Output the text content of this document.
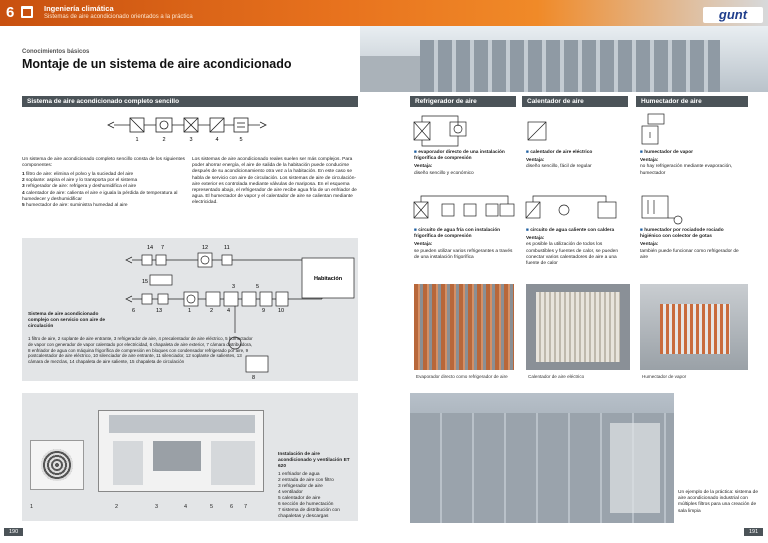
6	Ingeniería climática
Sistemas de aire acondicionado orientados a la práctica	gunt
Conocimientos básicos
Montaje de un sistema de aire acondicionado
Sistema de aire acondicionado completo sencillo
1	2	3	4	5
Un sistema de aire acondicionado completo sencillo consta de los siguientes componentes:
1 filtro de aire: elimina el polvo y la suciedad del aire
2 soplante: aspira el aire y lo transporta por el sistema
3 refrigerador de aire: refrigera y deshumidifica el aire
4 calentador de aire: calienta el aire e iguala la pérdida de temperatura al humedecer y deshumidificar
5 humectador de aire: suministra humedad al aire
Los sistemas de aire acondicionado reales suelen ser más complejos. Para poder ahorrar energía, el aire de salida de la habitación puede conducirse después de su acondicionamiento otra vez a la habitación. En este caso se habla de servicio con aire de circulación. Los sistemas de aire de circulación-aire exterior es controlada mediante válvulas de mariposa. En el esquema representado abajo, el refrigerador de aire recibe agua fría de un enfriador de agua. El humectador de vapor y el calentador de aire se calientan mediante electricidad.
Habitación
14 7	12	11
15
3	5
6	13	1	2	4	9 10
8
Sistema de aire acondicionado complejo con servicio con aire de circulación
1 filtro de aire, 2 soplante de aire entrante, 3 refrigerador de aire, 4 precalentador de aire eléctrico, 5 humectador de vapor con generador de vapor calentado por electricidad, 6 chapaleta de aire exterior, 7 cámara distribuidora, 8 enfriador de agua con máquina frigorífica de compresión en bloques con condensador refrigerado por aire, 9 postcalentador de aire eléctrico, 10 silenciador de aire entrante, 11 silenciador, 12 soplante de salientes, 13 cámara de mezclas, 14 chapaleta de aire saliente, 15 chapaleta de circulación
1	2	3	4	5	6 7
Instalación de aire acondicionado y ventilación ET 620
1 enfriador de agua
2 entrada de aire con filtro
3 refrigerador de aire
4 ventilador
5 calentador de aire
6 sección de humectación
7 sistema de distribución con chapaletas y descargas
190
Refrigerador de aire	Calentador de aire	Humectador de aire
■ evaporador directo de una instalación frigorífica de compresión
Ventaja:
diseño sencillo y económico
■ calentador de aire eléctrico
Ventaja:
diseño sencillo, fácil de regular
■ humectador de vapor
Ventaja:
no hay refrigeración mediante evaporación, humectador
■ circuito de agua fría con instalación frigorífica de compresión
Ventaja:
se pueden utilizar varios refrigerantes a través de una instalación frigorífica
■ circuito de agua caliente con caldera
Ventaja:
es posible la utilización de todos los combustibles y fuentes de calor, se pueden conectar varios calentadores de aire a una fuente de calor
■ humectador por rociadode rociado higiénico con colector de gotas
Ventaja:
también puede funcionar como refrigerador de aire
Evaporador directo como refrigerador de aire	Calentador de aire eléctrico	Humectador de vapor
Un ejemplo de la práctica: sistema de aire acondicionado industrial con múltiples filtros para una creación de sala limpia
191
